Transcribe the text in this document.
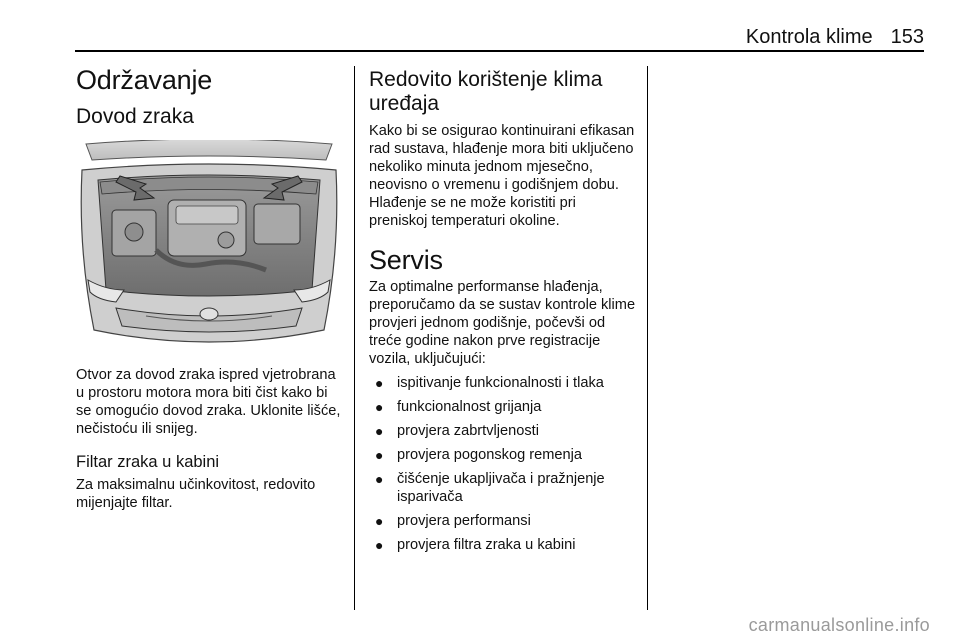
Kontrola klime 153
Održavanje
Dovod zraka

Otvor za dovod zraka ispred vjetrobrana u prostoru motora mora biti čist kako bi se omogućio dovod zraka. Uklonite lišće, nečistoću ili snijeg.

Filtar zraka u kabini

Za maksimalnu učinkovitost, redovito mijenjajte filtar.

Redovito korištenje klima uređaja

Kako bi se osigurao kontinuirani efikasan rad sustava, hlađenje mora biti uključeno nekoliko minuta jednom mjesečno, neovisno o vremenu i godišnjem dobu. Hlađenje se ne može koristiti pri preniskoj temperaturi okoline.

Servis

Za optimalne performanse hlađenja, preporučamo da se sustav kontrole klime provjeri jednom godišnje, počevši od treće godine nakon prve registracije vozila, uključujući:

● ispitivanje funkcionalnosti i tlaka
● funkcionalnost grijanja
● provjera zabrtvljenosti
● provjera pogonskog remenja
● čišćenje ukapljivača i pražnjenje isparivača
● provjera performansi
● provjera filtra zraka u kabini
carmanualsonline.info
